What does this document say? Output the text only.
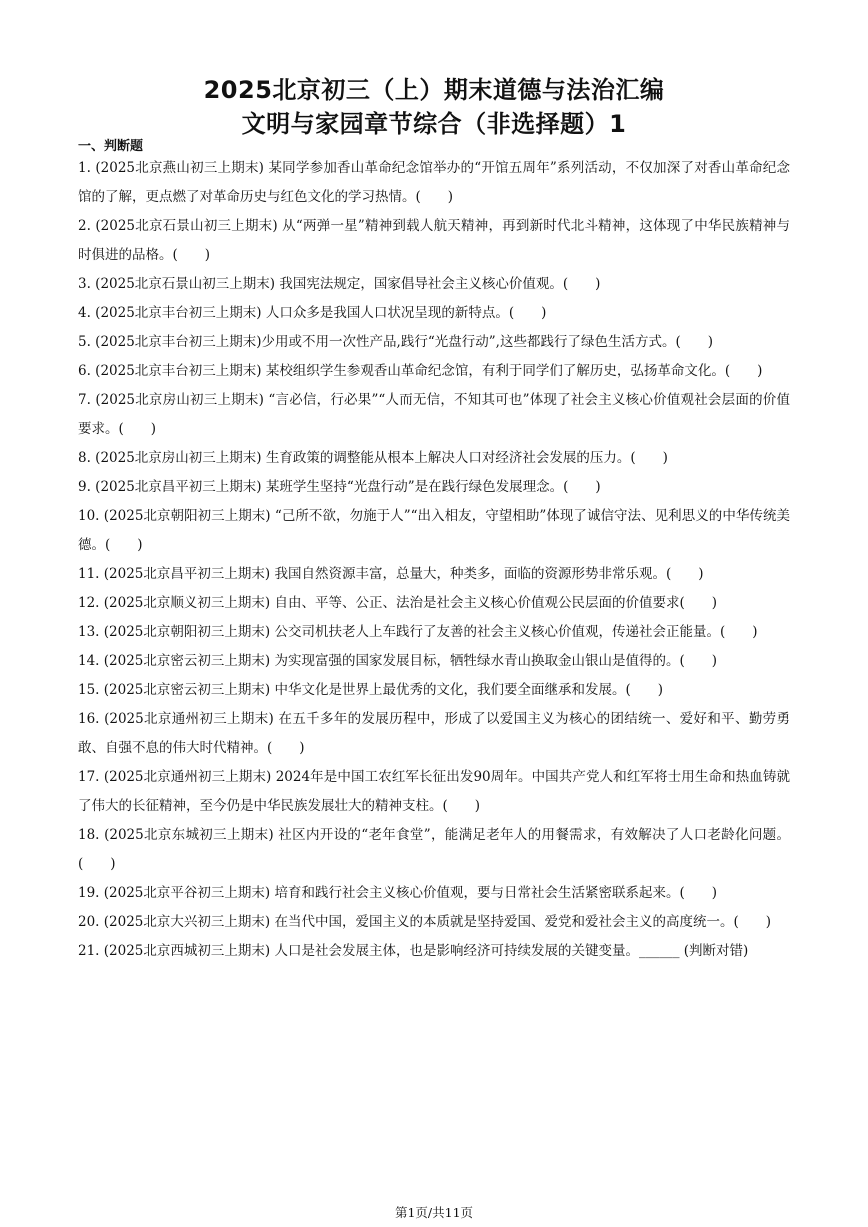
2025北京初三（上）期末道德与法治汇编
文明与家园章节综合（非选择题）1
一、判断题
1. (2025北京燕山初三上期末) 某同学参加香山革命纪念馆举办的“开馆五周年”系列活动，不仅加深了对香山革命纪念馆的了解，更点燃了对革命历史与红色文化的学习热情。(　　)
2. (2025北京石景山初三上期末) 从“两弹一星”精神到载人航天精神，再到新时代北斗精神，这体现了中华民族精神与时俱进的品格。(　　)
3. (2025北京石景山初三上期末) 我国宪法规定，国家倡导社会主义核心价值观。(　　)
4. (2025北京丰台初三上期末) 人口众多是我国人口状况呈现的新特点。(　　)
5. (2025北京丰台初三上期末)少用或不用一次性产品,践行“光盘行动”,这些都践行了绿色生活方式。(　　)
6. (2025北京丰台初三上期末) 某校组织学生参观香山革命纪念馆，有利于同学们了解历史，弘扬革命文化。(　　)
7. (2025北京房山初三上期末) “言必信，行必果”“人而无信，不知其可也”体现了社会主义核心价值观社会层面的价值要求。(　　)
8. (2025北京房山初三上期末) 生育政策的调整能从根本上解决人口对经济社会发展的压力。(　　)
9. (2025北京昌平初三上期末) 某班学生坚持“光盘行动”是在践行绿色发展理念。(　　)
10. (2025北京朝阳初三上期末) “己所不欲，勿施于人”“出入相友，守望相助”体现了诚信守法、见利思义的中华传统美德。(　　)
11. (2025北京昌平初三上期末) 我国自然资源丰富，总量大，种类多，面临的资源形势非常乐观。(　　)
12. (2025北京顺义初三上期末) 自由、平等、公正、法治是社会主义核心价值观公民层面的价值要求(　　)
13. (2025北京朝阳初三上期末) 公交司机扶老人上车践行了友善的社会主义核心价值观，传递社会正能量。(　　)
14. (2025北京密云初三上期末) 为实现富强的国家发展目标，牺牲绿水青山换取金山银山是值得的。(　　)
15. (2025北京密云初三上期末) 中华文化是世界上最优秀的文化，我们要全面继承和发展。(　　)
16. (2025北京通州初三上期末) 在五千多年的发展历程中，形成了以爱国主义为核心的团结统一、爱好和平、勤劳勇敢、自强不息的伟大时代精神。(　　)
17. (2025北京通州初三上期末) 2024年是中国工农红军长征出发90周年。中国共产党人和红军将士用生命和热血铸就了伟大的长征精神，至今仍是中华民族发展壮大的精神支柱。(　　)
18. (2025北京东城初三上期末) 社区内开设的“老年食堂”，能满足老年人的用餐需求，有效解决了人口老龄化问题。(　　)
19. (2025北京平谷初三上期末) 培育和践行社会主义核心价值观，要与日常社会生活紧密联系起来。(　　)
20. (2025北京大兴初三上期末) 在当代中国，爱国主义的本质就是坚持爱国、爱党和爱社会主义的高度统一。(　　)
21. (2025北京西城初三上期末) 人口是社会发展主体，也是影响经济可持续发展的关键变量。______ (判断对错)
第1页/共11页
